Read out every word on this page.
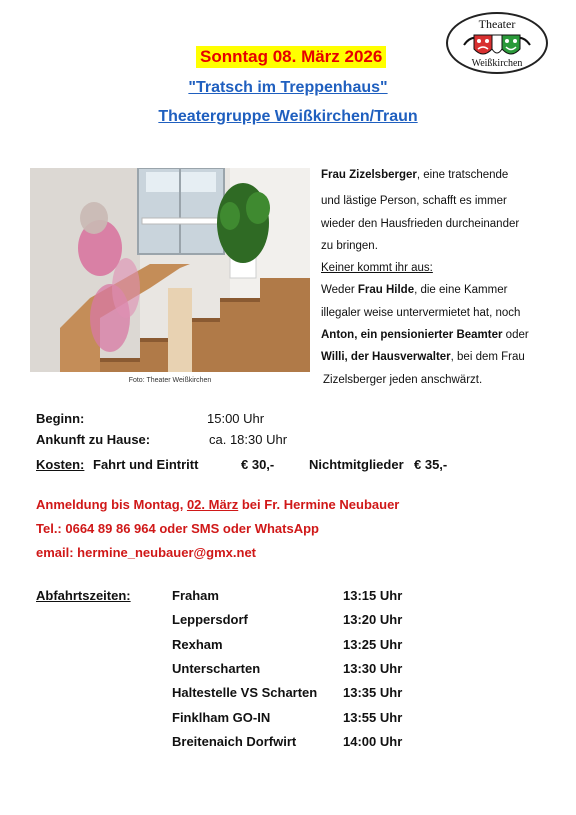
Theater
Weißkirchen
Sonntag 08. März 2026
"Tratsch im Treppenhaus"
Theatergruppe Weißkirchen/Traun
Foto: Theater Weißkirchen
Frau Zizelsberger, eine tratschende
und lästige Person, schafft es immer
wieder den Hausfrieden durcheinander
zu bringen.
Keiner kommt ihr aus:
Weder Frau Hilde, die eine Kammer
illegaler weise untervermietet hat, noch
Anton, ein pensionierter Beamter oder
Willi, der Hausverwalter, bei dem Frau
Zizelsberger jeden anschwärzt.
Beginn:	15:00 Uhr
Ankunft zu Hause:	ca. 18:30 Uhr
Kosten: Fahrt und Eintritt	€ 30,-	Nichtmitglieder € 35,-
Anmeldung bis Montag, 02. März bei Fr. Hermine Neubauer
Tel.: 0664 89 86 964 oder SMS oder WhatsApp
email: hermine_neubauer@gmx.net
Abfahrtszeiten:	Fraham	13:15 Uhr
Leppersdorf	13:20 Uhr
Rexham	13:25 Uhr
Unterscharten	13:30 Uhr
Haltestelle VS Scharten 13:35 Uhr
Finklham GO-IN	13:55 Uhr
Breitenaich Dorfwirt	14:00 Uhr
